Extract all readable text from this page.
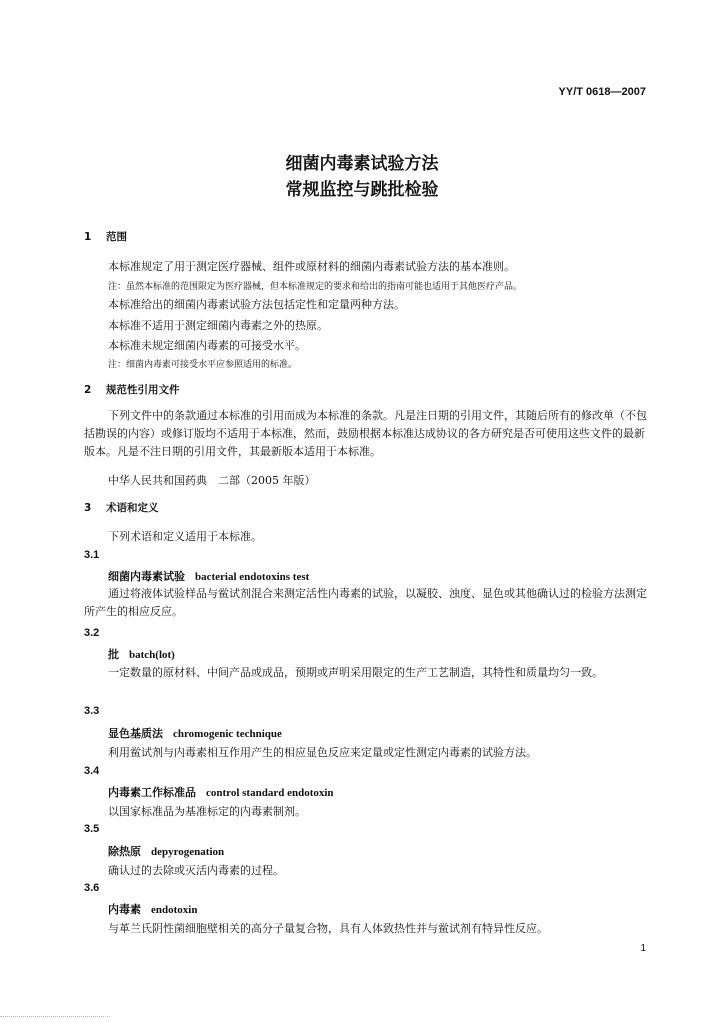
YY/T 0618—2007
细菌内毒素试验方法
常规监控与跳批检验
1 范围
本标准规定了用于测定医疗器械、组件或原材料的细菌内毒素试验方法的基本准则。
注：虽然本标准的范围限定为医疗器械，但本标准规定的要求和给出的指南可能也适用于其他医疗产品。
本标准给出的细菌内毒素试验方法包括定性和定量两种方法。
本标准不适用于测定细菌内毒素之外的热原。
本标准未规定细菌内毒素的可接受水平。
注：细菌内毒素可接受水平应参照适用的标准。
2 规范性引用文件
下列文件中的条款通过本标准的引用而成为本标准的条款。凡是注日期的引用文件，其随后所有的修改单（不包括勘误的内容）或修订版均不适用于本标准，然而，鼓励根据本标准达成协议的各方研究是否可使用这些文件的最新版本。凡是不注日期的引用文件，其最新版本适用于本标准。
中华人民共和国药典　二部（2005 年版）
3 术语和定义
下列术语和定义适用于本标准。
3.1
细菌内毒素试验 bacterial endotoxins test
通过将液体试验样品与鲎试剂混合来测定活性内毒素的试验，以凝胶、浊度、显色或其他确认过的检验方法测定所产生的相应反应。
3.2
批 batch(lot)
一定数量的原材料、中间产品或成品，预期或声明采用限定的生产工艺制造，其特性和质量均匀一致。
3.3
显色基质法 chromogenic technique
利用鲎试剂与内毒素相互作用产生的相应显色反应来定量或定性测定内毒素的试验方法。
3.4
内毒素工作标准品 control standard endotoxin
以国家标准品为基准标定的内毒素制剂。
3.5
除热原 depyrogenation
确认过的去除或灭活内毒素的过程。
3.6
内毒素 endotoxin
与革兰氏阴性菌细胞壁相关的高分子量复合物，具有人体致热性并与鲎试剂有特异性反应。
1
